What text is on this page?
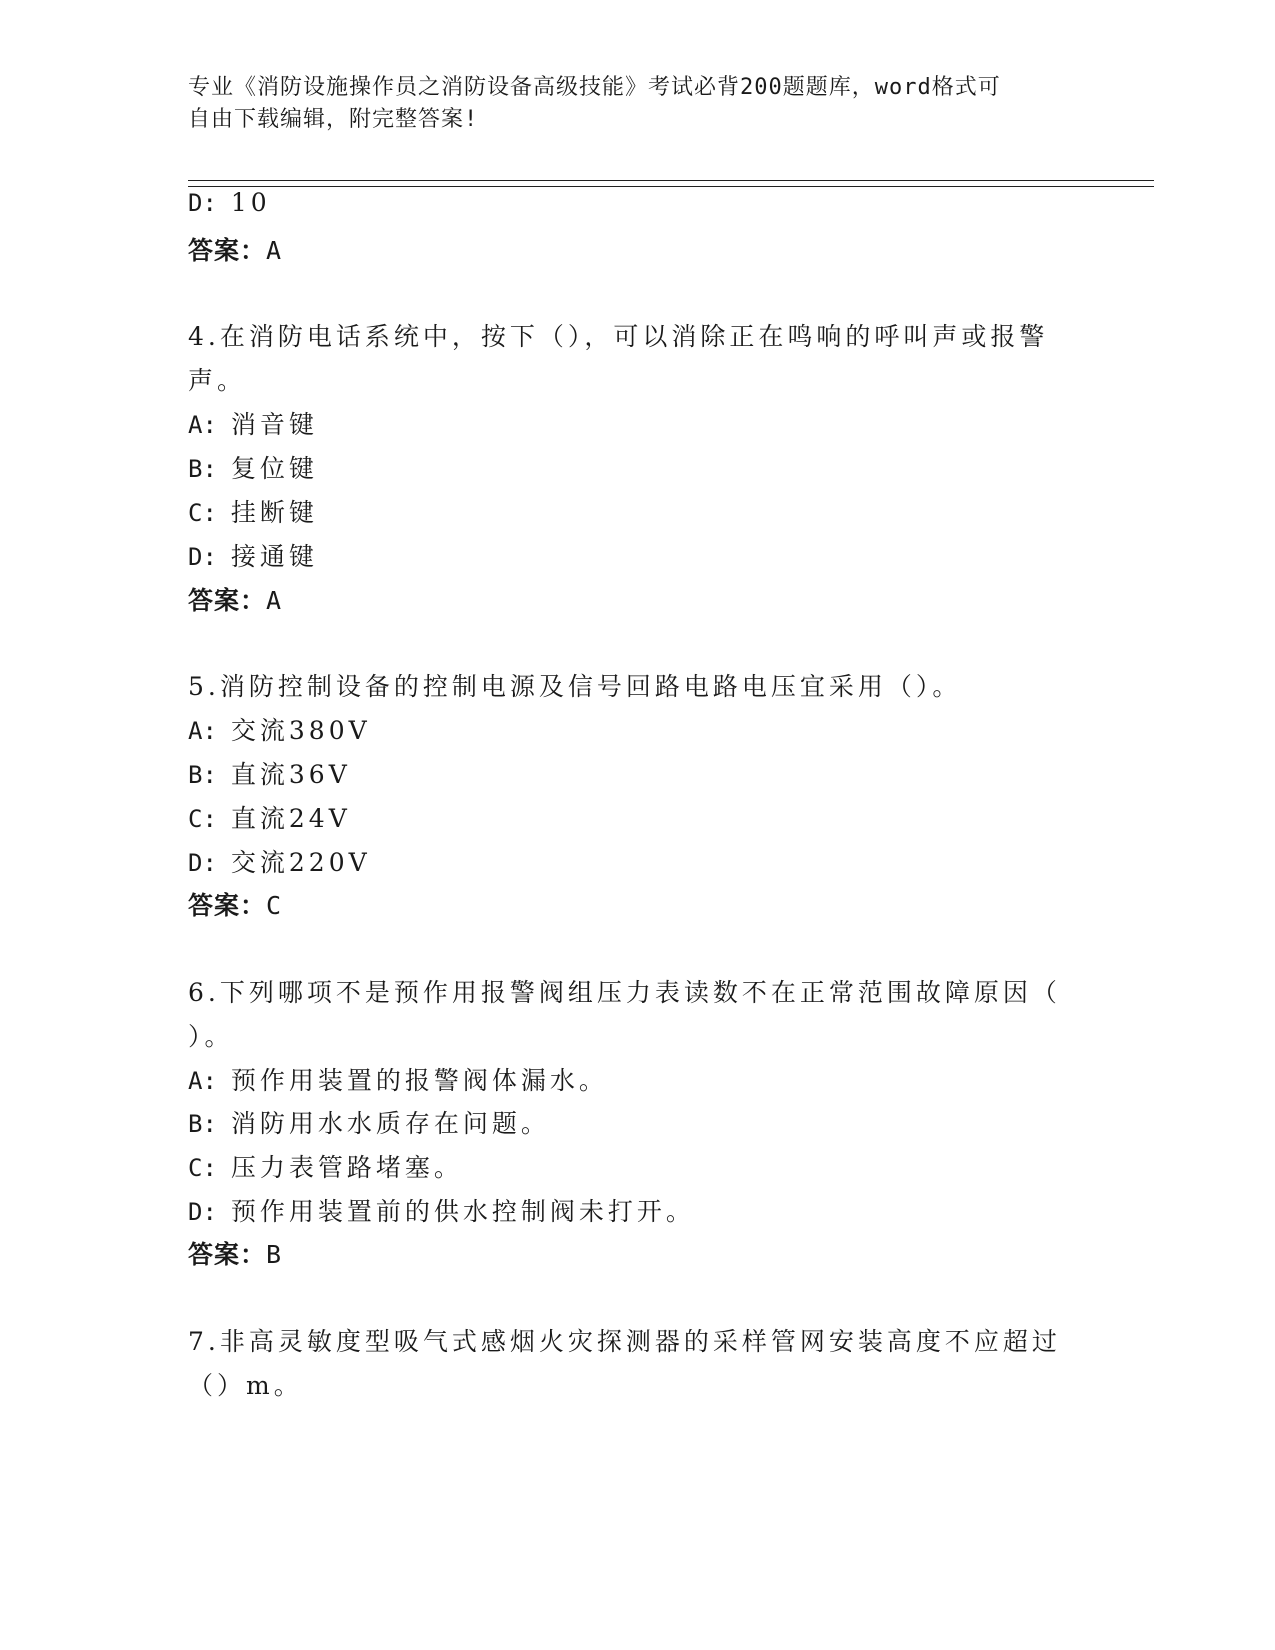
专业《消防设施操作员之消防设备高级技能》考试必背200题题库，word格式可
自由下载编辑，附完整答案!
D: 10
答案：A
4.在消防电话系统中，按下（），可以消除正在鸣响的呼叫声或报警
声。
A: 消音键
B: 复位键
C: 挂断键
D: 接通键
答案：A
5.消防控制设备的控制电源及信号回路电路电压宜采用（）。
A: 交流380V
B: 直流36V
C: 直流24V
D: 交流220V
答案：C
6.下列哪项不是预作用报警阀组压力表读数不在正常范围故障原因（
）。
A: 预作用装置的报警阀体漏水。
B: 消防用水水质存在问题。
C: 压力表管路堵塞。
D: 预作用装置前的供水控制阀未打开。
答案：B
7.非高灵敏度型吸气式感烟火灾探测器的采样管网安装高度不应超过
（）m。
